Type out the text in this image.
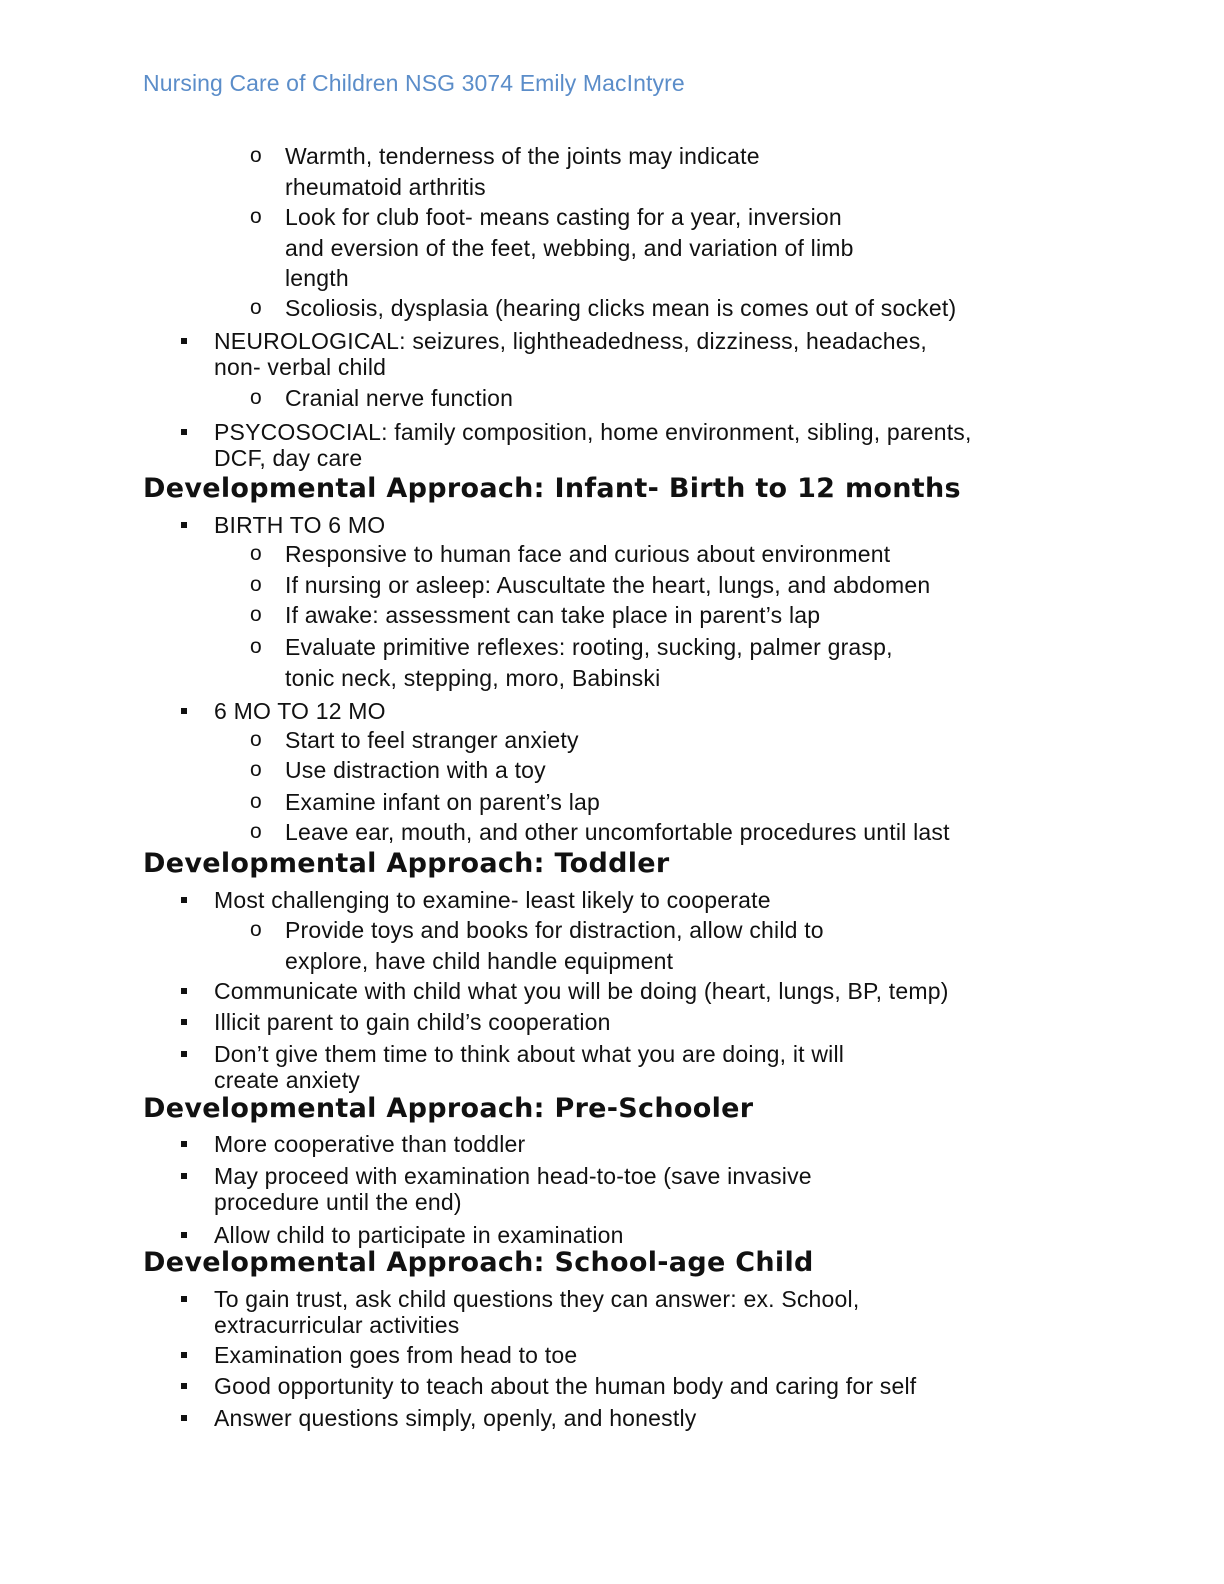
Nursing Care of Children NSG 3074 Emily MacIntyre
o Warmth, tenderness of the joints may indicate
rheumatoid arthritis
o Look for club foot- means casting for a year, inversion
and eversion of the feet, webbing, and variation of limb
length
o Scoliosis, dysplasia (hearing clicks mean is comes out of socket)
NEUROLOGICAL: seizures, lightheadedness, dizziness, headaches,
non- verbal child
o Cranial nerve function
PSYCOSOCIAL: family composition, home environment, sibling, parents,
DCF, day care
Developmental Approach: Infant- Birth to 12 months
BIRTH TO 6 MO
o Responsive to human face and curious about environment
o If nursing or asleep: Auscultate the heart, lungs, and abdomen
o If awake: assessment can take place in parent’s lap
o Evaluate primitive reflexes: rooting, sucking, palmer grasp,
tonic neck, stepping, moro, Babinski
6 MO TO 12 MO
o Start to feel stranger anxiety
o Use distraction with a toy
o Examine infant on parent’s lap
o Leave ear, mouth, and other uncomfortable procedures until last
Developmental Approach: Toddler
Most challenging to examine- least likely to cooperate
o Provide toys and books for distraction, allow child to
explore, have child handle equipment
Communicate with child what you will be doing (heart, lungs, BP, temp)
Illicit parent to gain child’s cooperation
Don’t give them time to think about what you are doing, it will
create anxiety
Developmental Approach: Pre-Schooler
More cooperative than toddler
May proceed with examination head-to-toe (save invasive
procedure until the end)
Allow child to participate in examination
Developmental Approach: School-age Child
To gain trust, ask child questions they can answer: ex. School,
extracurricular activities
Examination goes from head to toe
Good opportunity to teach about the human body and caring for self
Answer questions simply, openly, and honestly
